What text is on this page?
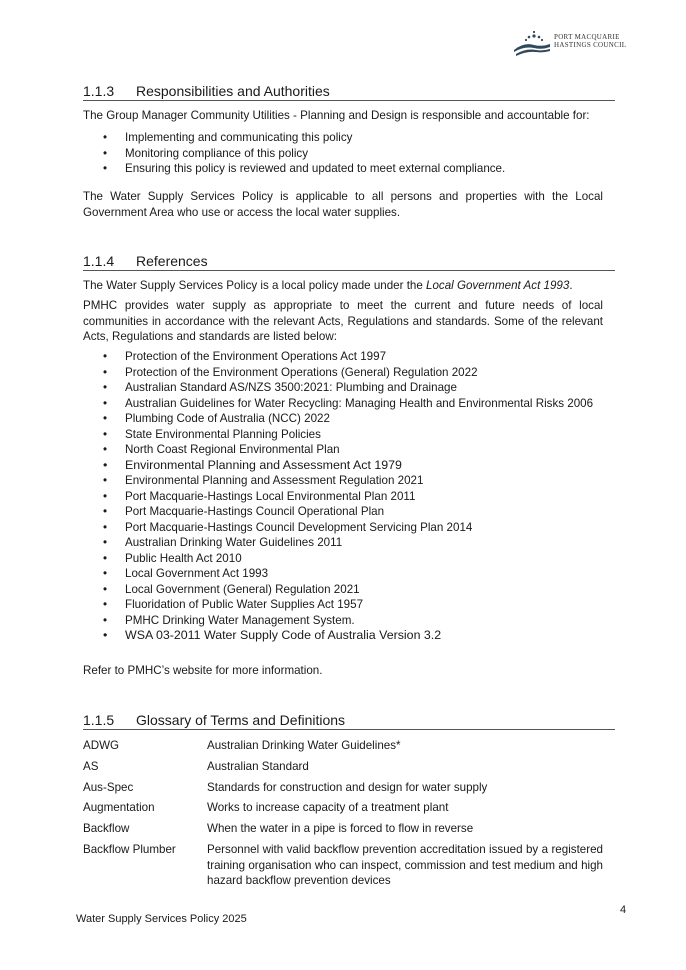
PORT MACQUARIE
HASTINGS COUNCIL
1.1.3 Responsibilities and Authorities
The Group Manager Community Utilities - Planning and Design is responsible and accountable for:
• Implementing and communicating this policy
• Monitoring compliance of this policy
• Ensuring this policy is reviewed and updated to meet external compliance.
The Water Supply Services Policy is applicable to all persons and properties with the Local Government Area who use or access the local water supplies.
1.1.4 References
The Water Supply Services Policy is a local policy made under the Local Government Act 1993.
PMHC provides water supply as appropriate to meet the current and future needs of local communities in accordance with the relevant Acts, Regulations and standards. Some of the relevant Acts, Regulations and standards are listed below:
• Protection of the Environment Operations Act 1997
• Protection of the Environment Operations (General) Regulation 2022
• Australian Standard AS/NZS 3500:2021: Plumbing and Drainage
• Australian Guidelines for Water Recycling: Managing Health and Environmental Risks 2006
• Plumbing Code of Australia (NCC) 2022
• State Environmental Planning Policies
• North Coast Regional Environmental Plan
• Environmental Planning and Assessment Act 1979
• Environmental Planning and Assessment Regulation 2021
• Port Macquarie-Hastings Local Environmental Plan 2011
• Port Macquarie-Hastings Council Operational Plan
• Port Macquarie-Hastings Council Development Servicing Plan 2014
• Australian Drinking Water Guidelines 2011
• Public Health Act 2010
• Local Government Act 1993
• Local Government (General) Regulation 2021
• Fluoridation of Public Water Supplies Act 1957
• PMHC Drinking Water Management System.
• WSA 03-2011 Water Supply Code of Australia Version 3.2
Refer to PMHC’s website for more information.
1.1.5 Glossary of Terms and Definitions
ADWG	Australian Drinking Water Guidelines*
AS	Australian Standard
Aus-Spec	Standards for construction and design for water supply
Augmentation	Works to increase capacity of a treatment plant
Backflow	When the water in a pipe is forced to flow in reverse
Backflow Plumber	Personnel with valid backflow prevention accreditation issued by a registered training organisation who can inspect, commission and test medium and high hazard backflow prevention devices
4
Water Supply Services Policy 2025
